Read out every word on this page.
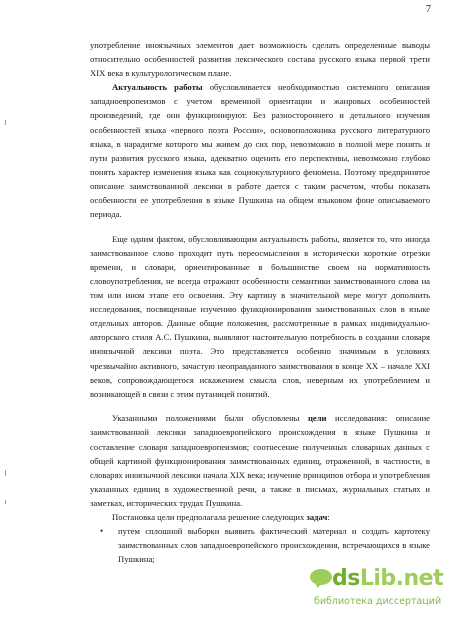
7

употребление иноязычных элементов дает возможность сделать определенные выводы относительно особенностей развития лексического состава русского языка первой трети XIX века в культурологическом плане.

Актуальность работы обусловливается необходимостью системного описания западноевропеизмов с учетом временной ориентации и жанровых особенностей произведений, где они функционируют. Без разностороннего и детального изучения особенностей языка «первого поэта России», основоположника русского литературного языка, в нарадигме которого мы живем до сих пор, невозможно в полной мере понять и пути развития русского языка, адекватно оценить его перспективы, невозможно глубоко понять характер изменения языка как социокультурного феномена. Поэтому предпринятое описание заимствованной лексики в работе дается с таким расчетом, чтобы показать особенности ее употребления в языке Пушкина на общем языковом фоне описываемого периода.

Еще одним фактом, обусловливающим актуальность работы, является то, что иногда заимствованное слово проходит путь переосмысления в исторически короткие отрезки времени, и словари, ориентированные в большинстве своем на нормативность словоупотребления, не всегда отражают особенности семантики заимствованного слова на том или ином этапе его освоения. Эту картину в значительной мере могут дополнить исследования, посвященные изучению функционирования заимствованных слов в языке отдельных авторов. Данные общие положения, рассмотренные в рамках индивидуально-авторского стиля А.С. Пушкина, выявляют настоятельную потребность в создании словаря иноязычной лексики поэта. Это представляется особенно значимым в условиях чрезвычайно активного, зачастую неоправданного заимствования в конце XX – начале XXI веков, сопровождающегося искажением смысла слов, неверным их употреблением и возникающей в связи с этим путаницей понятий.

Указанными положениями были обусловлены цели исследования: описание заимствованной лексики западноевропейского происхождения в языке Пушкина и составление словаря западноевропеизмов; соотнесение полученных словарных данных с общей картиной функционирования заимствованных единиц, отраженной, в частности, в словарях иноязычной лексики начала XIX века; изучение принципов отбора и употребления указанных единиц в художественной речи, а также в письмах, журнальных статьях и заметках, исторических трудах Пушкина.

Постановка цели предполагала решение следующих задач:

• путем сплошной выборки выявить фактический материал и создать картотеку заимствованных слов западноевропейского происхождения, встречающихся в языке Пушкина;
dsLib.net
библиотека диссертаций
